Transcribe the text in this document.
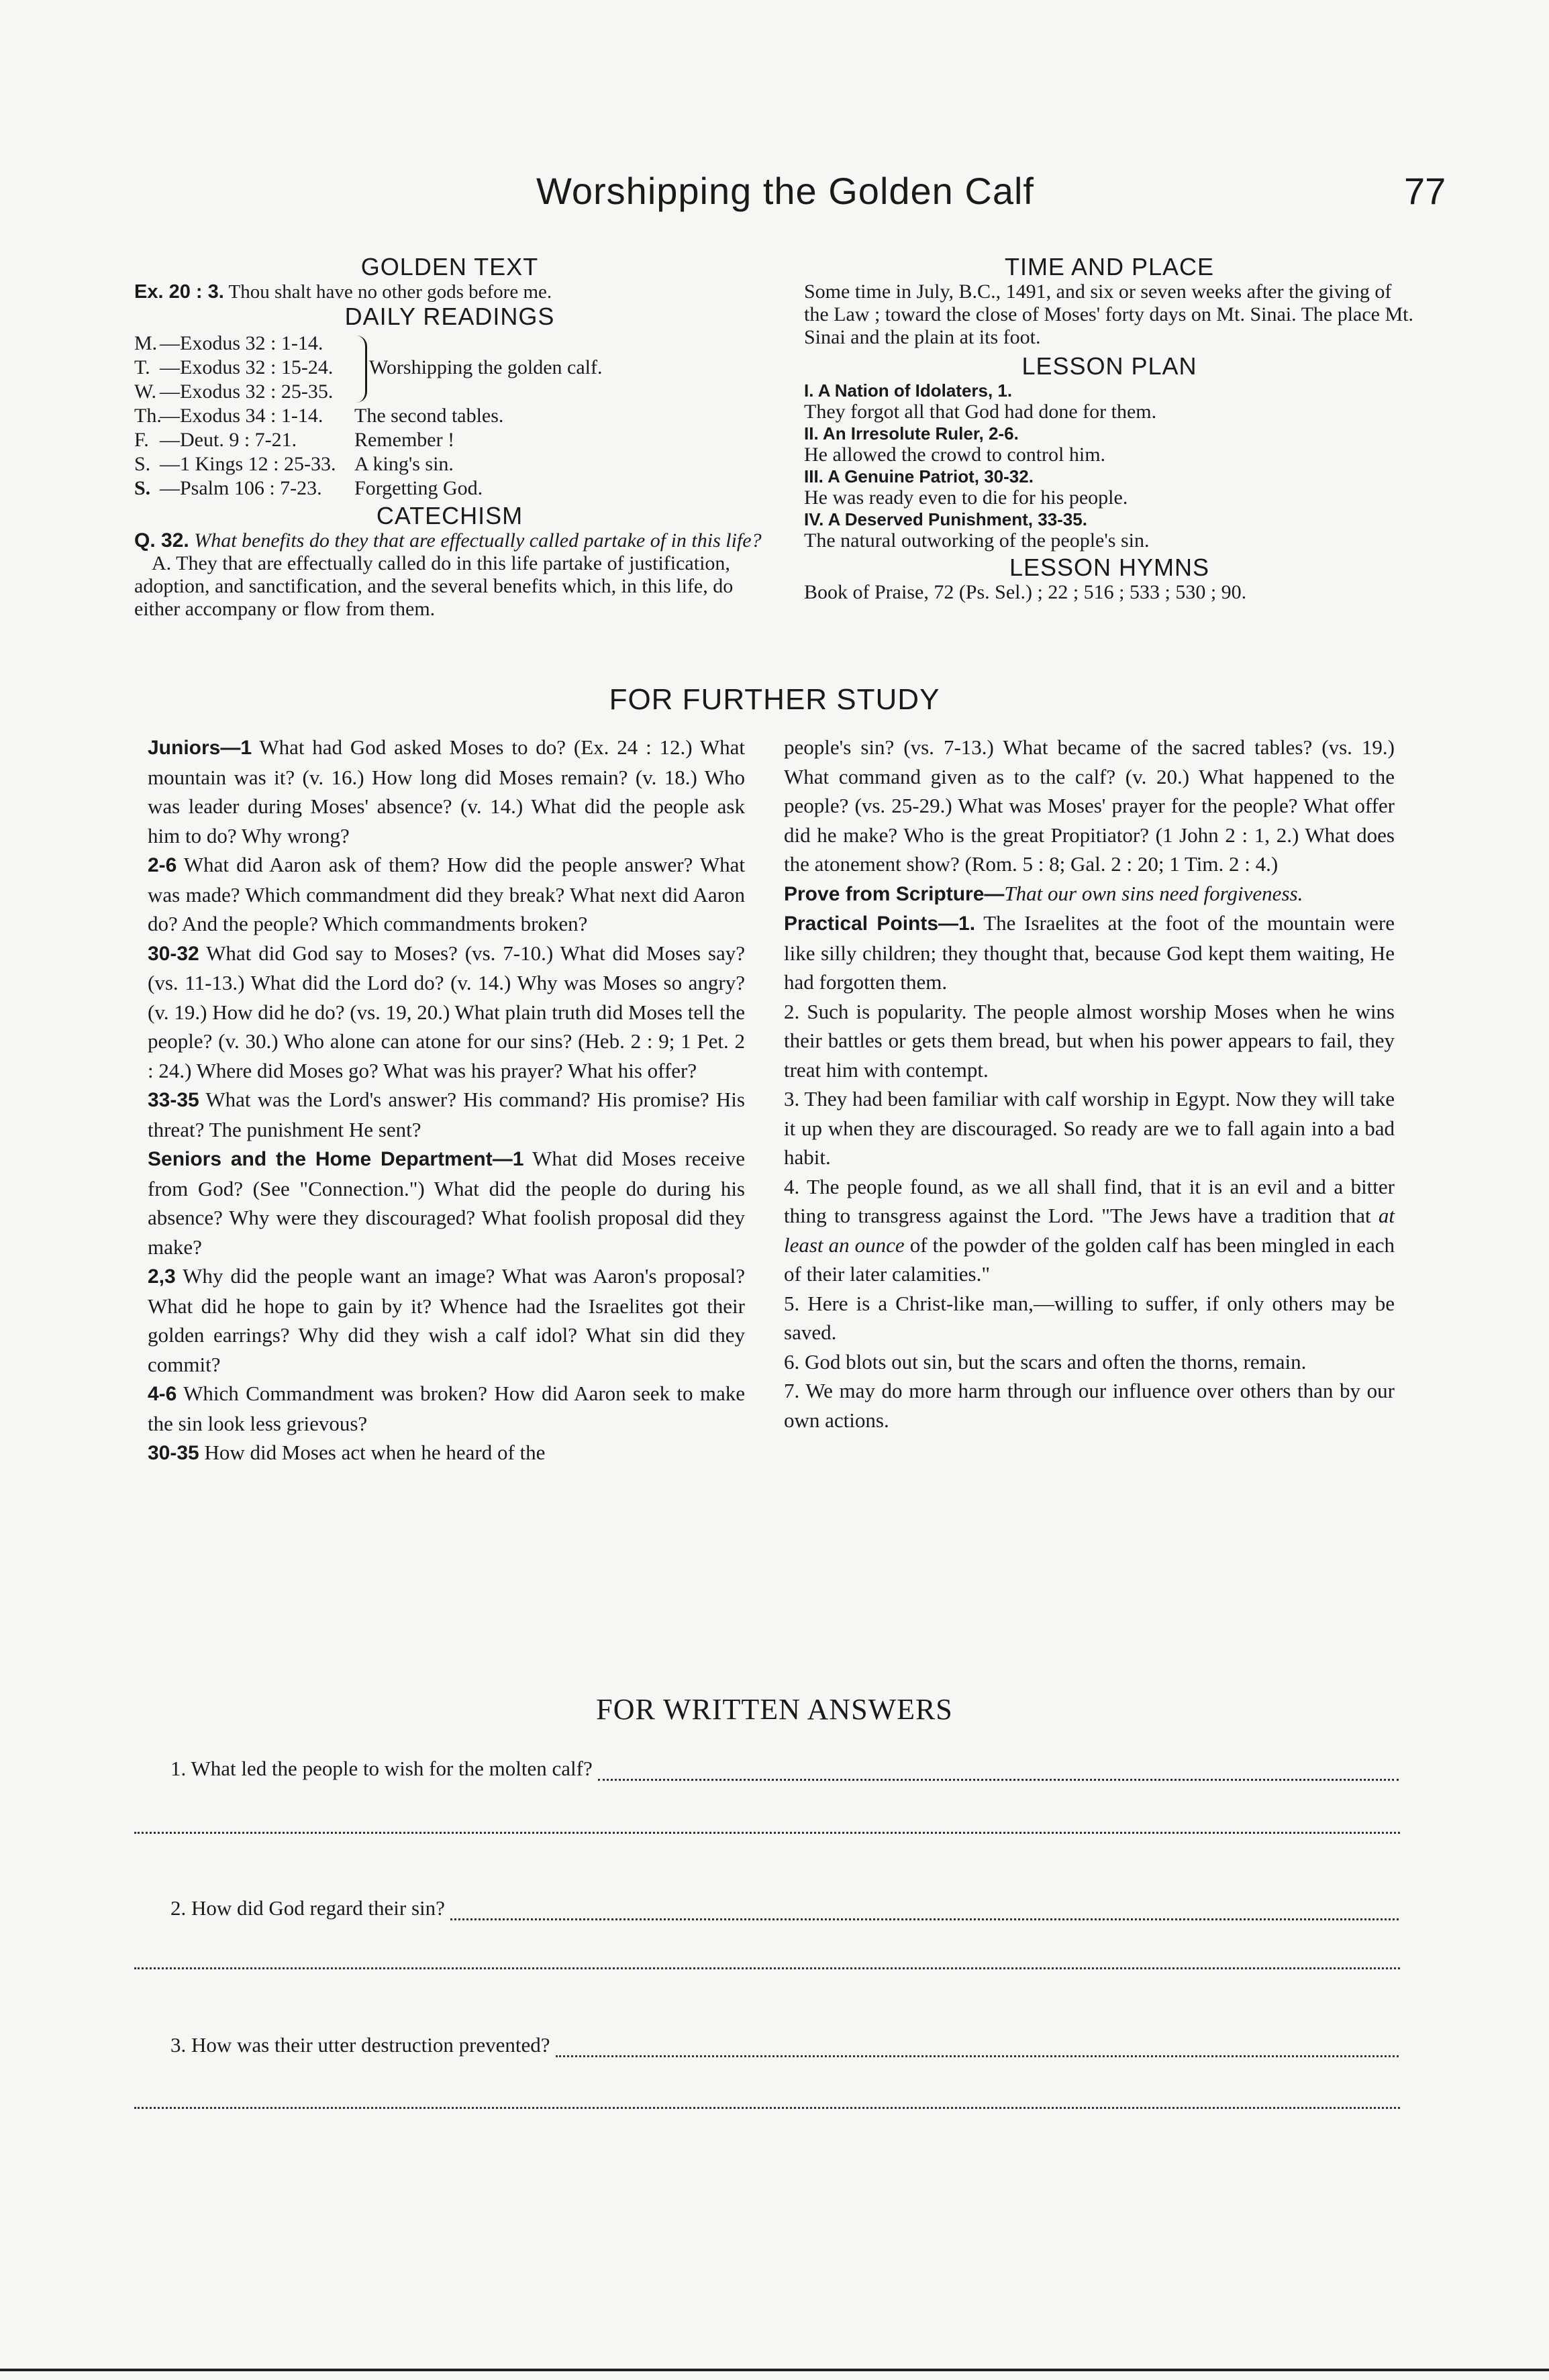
Worshipping the Golden Calf	77
GOLDEN TEXT
Ex. 20 : 3. Thou shalt have no other gods before me.
DAILY READINGS
M. —Exodus 32 : 1-14.
T. —Exodus 32 : 15-24.
W. —Exodus 32 : 25-35.
Worshipping the golden calf.
Th.—Exodus 34 : 1-14. The second tables.
F. —Deut. 9 : 7-21.	Remember !
S. —1 Kings 12 : 25-33. A king's sin.
S. —Psalm 106 : 7-23. Forgetting God.
CATECHISM
Q. 32. What benefits do they that are effectually called partake of in this life?
A. They that are effectually called do in this life partake of justification, adoption, and sanctification, and the several benefits which, in this life, do either accompany or flow from them.
TIME AND PLACE
Some time in July, B.C., 1491, and six or seven weeks after the giving of the Law ; toward the close of Moses' forty days on Mt. Sinai. The place Mt. Sinai and the plain at its foot.
LESSON PLAN
I. A Nation of Idolaters, 1.
They forgot all that God had done for them.
II. An Irresolute Ruler, 2-6.
He allowed the crowd to control him.
III. A Genuine Patriot, 30-32.
He was ready even to die for his people.
IV. A Deserved Punishment, 33-35.
The natural outworking of the people's sin.
LESSON HYMNS
Book of Praise, 72 (Ps. Sel.) ; 22 ; 516 ; 533 ; 530 ; 90.
FOR FURTHER STUDY

Juniors—1 What had God asked Moses to do? (Ex. 24 : 12.) What mountain was it? (v. 16.) How long did Moses remain? (v. 18.) Who was leader during Moses' absence? (v. 14.) What did the people ask him to do? Why wrong?

2-6 What did Aaron ask of them? How did the people answer? What was made? Which commandment did they break? What next did Aaron do? And the people? Which commandments broken?

30-32 What did God say to Moses? (vs. 7-10.) What did Moses say? (vs. 11-13.) What did the Lord do? (v. 14.) Why was Moses so angry? (v. 19.) How did he do? (vs. 19, 20.) What plain truth did Moses tell the people? (v. 30.) Who alone can atone for our sins? (Heb. 2 : 9; 1 Pet. 2 : 24.) Where did Moses go? What was his prayer? What his offer?

33-35 What was the Lord's answer? His command? His promise? His threat? The punishment He sent?

Seniors and the Home Department—1 What did Moses receive from God? (See "Connection.") What did the people do during his absence? Why were they discouraged? What foolish proposal did they make?

2,3 Why did the people want an image? What was Aaron's proposal? What did he hope to gain by it? Whence had the Israelites got their golden earrings? Why did they wish a calf idol? What sin did they commit?

4-6 Which Commandment was broken? How did Aaron seek to make the sin look less grievous?

30-35 How did Moses act when he heard of the

people's sin? (vs. 7-13.) What became of the sacred tables? (vs. 19.) What command given as to the calf? (v. 20.) What happened to the people? (vs. 25-29.) What was Moses' prayer for the people? What offer did he make? Who is the great Propitiator? (1 John 2 : 1, 2.) What does the atonement show? (Rom. 5 : 8; Gal. 2 : 20; 1 Tim. 2 : 4.)

Prove from Scripture—That our own sins need forgiveness.

Practical Points—1. The Israelites at the foot of the mountain were like silly children; they thought that, because God kept them waiting, He had forgotten them.

2. Such is popularity. The people almost worship Moses when he wins their battles or gets them bread, but when his power appears to fail, they treat him with contempt.

3. They had been familiar with calf worship in Egypt. Now they will take it up when they are discouraged. So ready are we to fall again into a bad habit.

4. The people found, as we all shall find, that it is an evil and a bitter thing to transgress against the Lord. "The Jews have a tradition that at least an ounce of the powder of the golden calf has been mingled in each of their later calamities."

5. Here is a Christ-like man,—willing to suffer, if only others may be saved.

6. God blots out sin, but the scars and often the thorns, remain.

7. We may do more harm through our influence over others than by our own actions.

FOR WRITTEN ANSWERS
1. What led the people to wish for the molten calf?
2. How did God regard their sin?
3. How was their utter destruction prevented?
